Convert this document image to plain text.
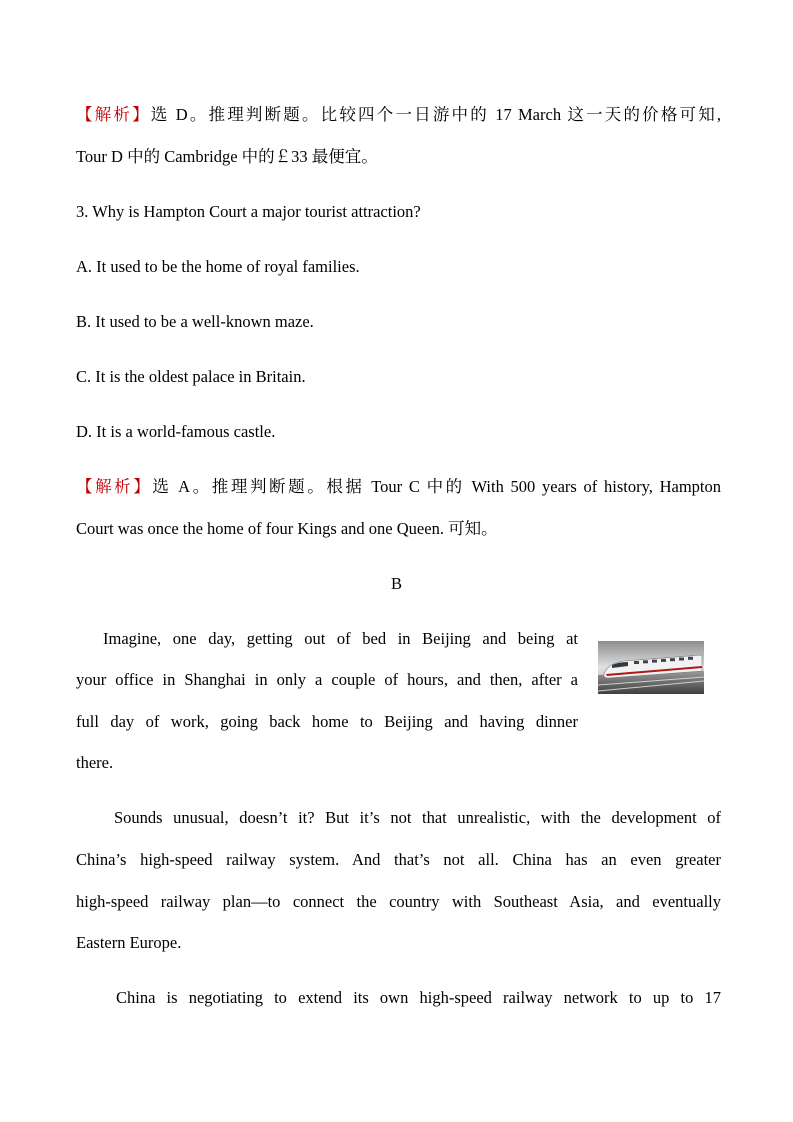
【解析】选 D。推理判断题。比较四个一日游中的 17 March 这一天的价格可知,
Tour D 中的 Cambridge 中的￡33 最便宜。
3. Why is Hampton Court a major tourist attraction?
A. It used to be the home of royal families.
B. It used to be a well-known maze.
C. It is the oldest palace in Britain.
D. It is a world-famous castle.
【解析】选 A。推理判断题。根据 Tour C 中的 With 500 years of history, Hampton
Court was once the home of four Kings and one Queen. 可知。
B
Imagine, one day, getting out of bed in Beijing and being at
your office in Shanghai in only a couple of hours, and then, after a
full day of work, going back home to Beijing and having dinner
there.
Sounds unusual, doesn’t it? But it’s not that unrealistic, with the development of
China’s high-speed railway system. And that’s not all. China has an even greater
high-speed railway plan—to connect the country with Southeast Asia, and eventually
Eastern Europe.
China is negotiating to extend its own high-speed railway network to up to 17
